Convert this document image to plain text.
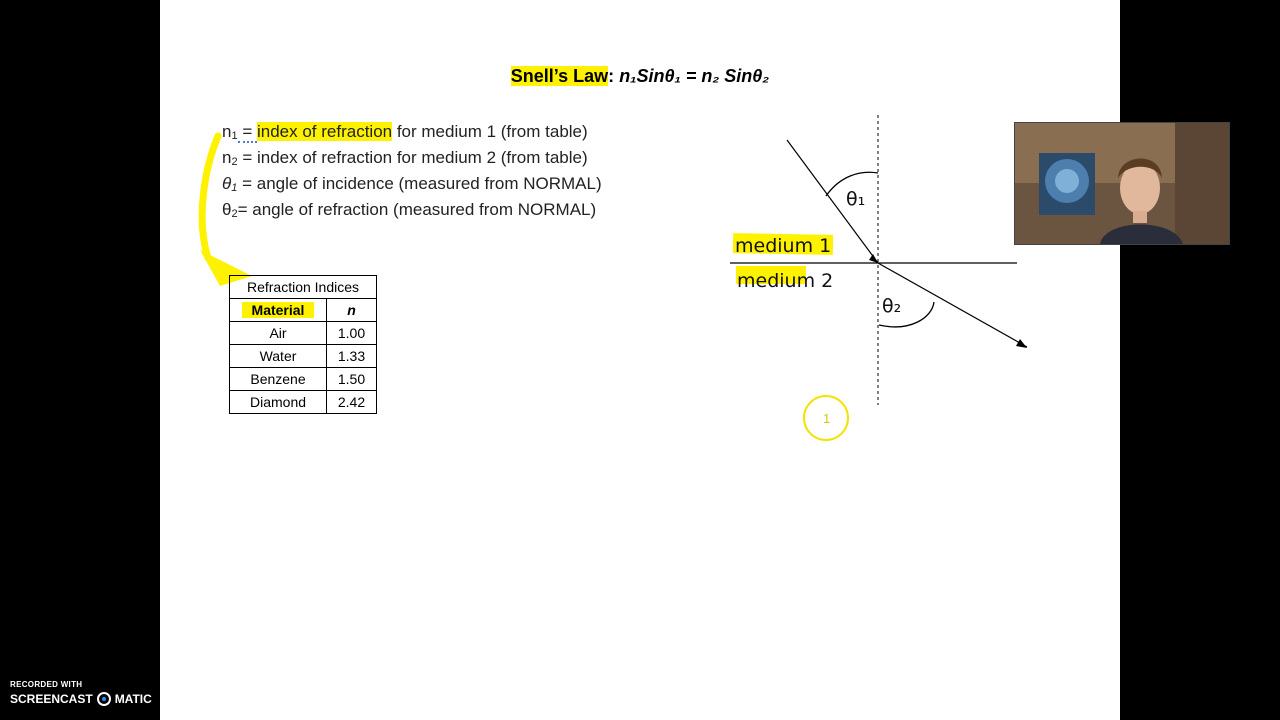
Snell’s Law: n₁Sinθ₁ = n₂ Sinθ₂
$n_1$ = index of refraction for medium 1 (from table)
$n_2$ = index of refraction for medium 2 (from table)
$\theta_1$ = angle of incidence (measured from NORMAL)
$\theta_2=$ angle of refraction (measured from NORMAL)
medium 1
medium 2
θ₁
θ₂
1
Refraction Indices	
Material	n
Air	1.00
Water	1.33
Benzene	1.50
Diamond	2.42
RECORDED WITH
SCREENCAST MATIC
